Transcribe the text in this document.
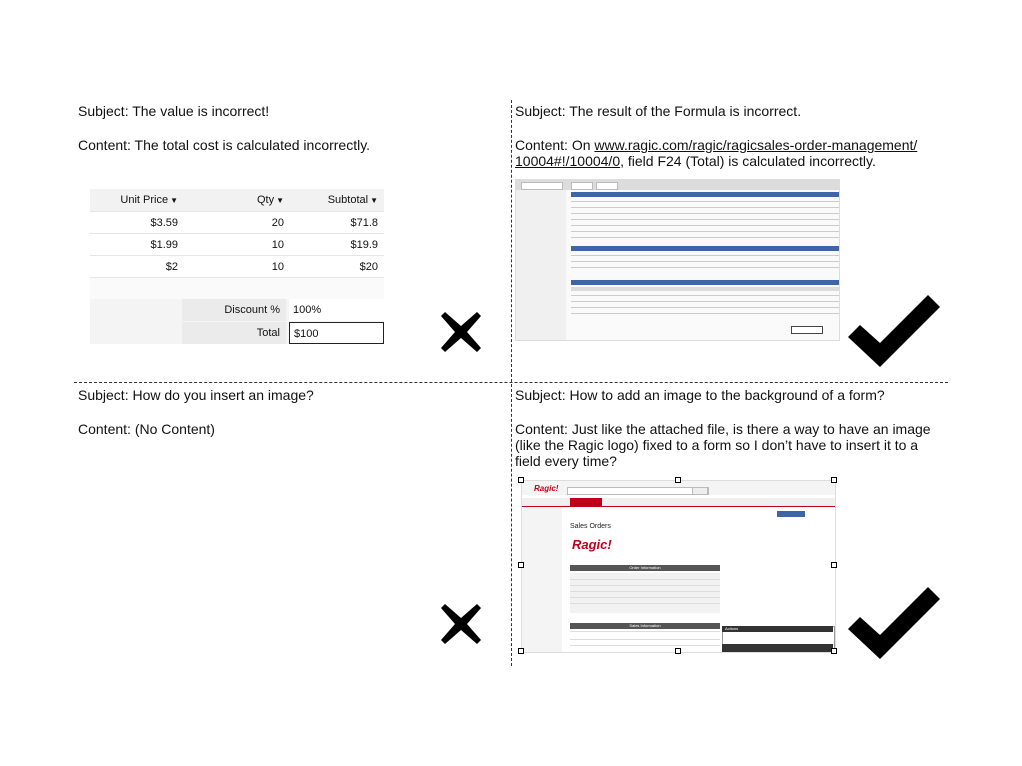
Subject: The value is incorrect!
Content: The total cost is calculated incorrectly.
Unit Price ▼	Qty ▼	Subtotal ▼
$3.59	20	$71.8
$1.99	10	$19.9
$2	10	$20
Discount %	100%
Total	$100
Subject: The result of the Formula is incorrect.
Content: On www.ragic.com/ragic/ragicsales-order-management/
10004#!/10004/0, field F24 (Total) is calculated incorrectly.
Subject: How do you insert an image?
Content: (No Content)
Subject: How to add an image to the background of a form?
Content: Just like the attached file, is there a way to have an image
(like the Ragic logo) fixed to a form so I don’t have to insert it to a
field every time?
Ragic!
Sales Orders
Ragic!
Order Information
Sales Information
Actions
